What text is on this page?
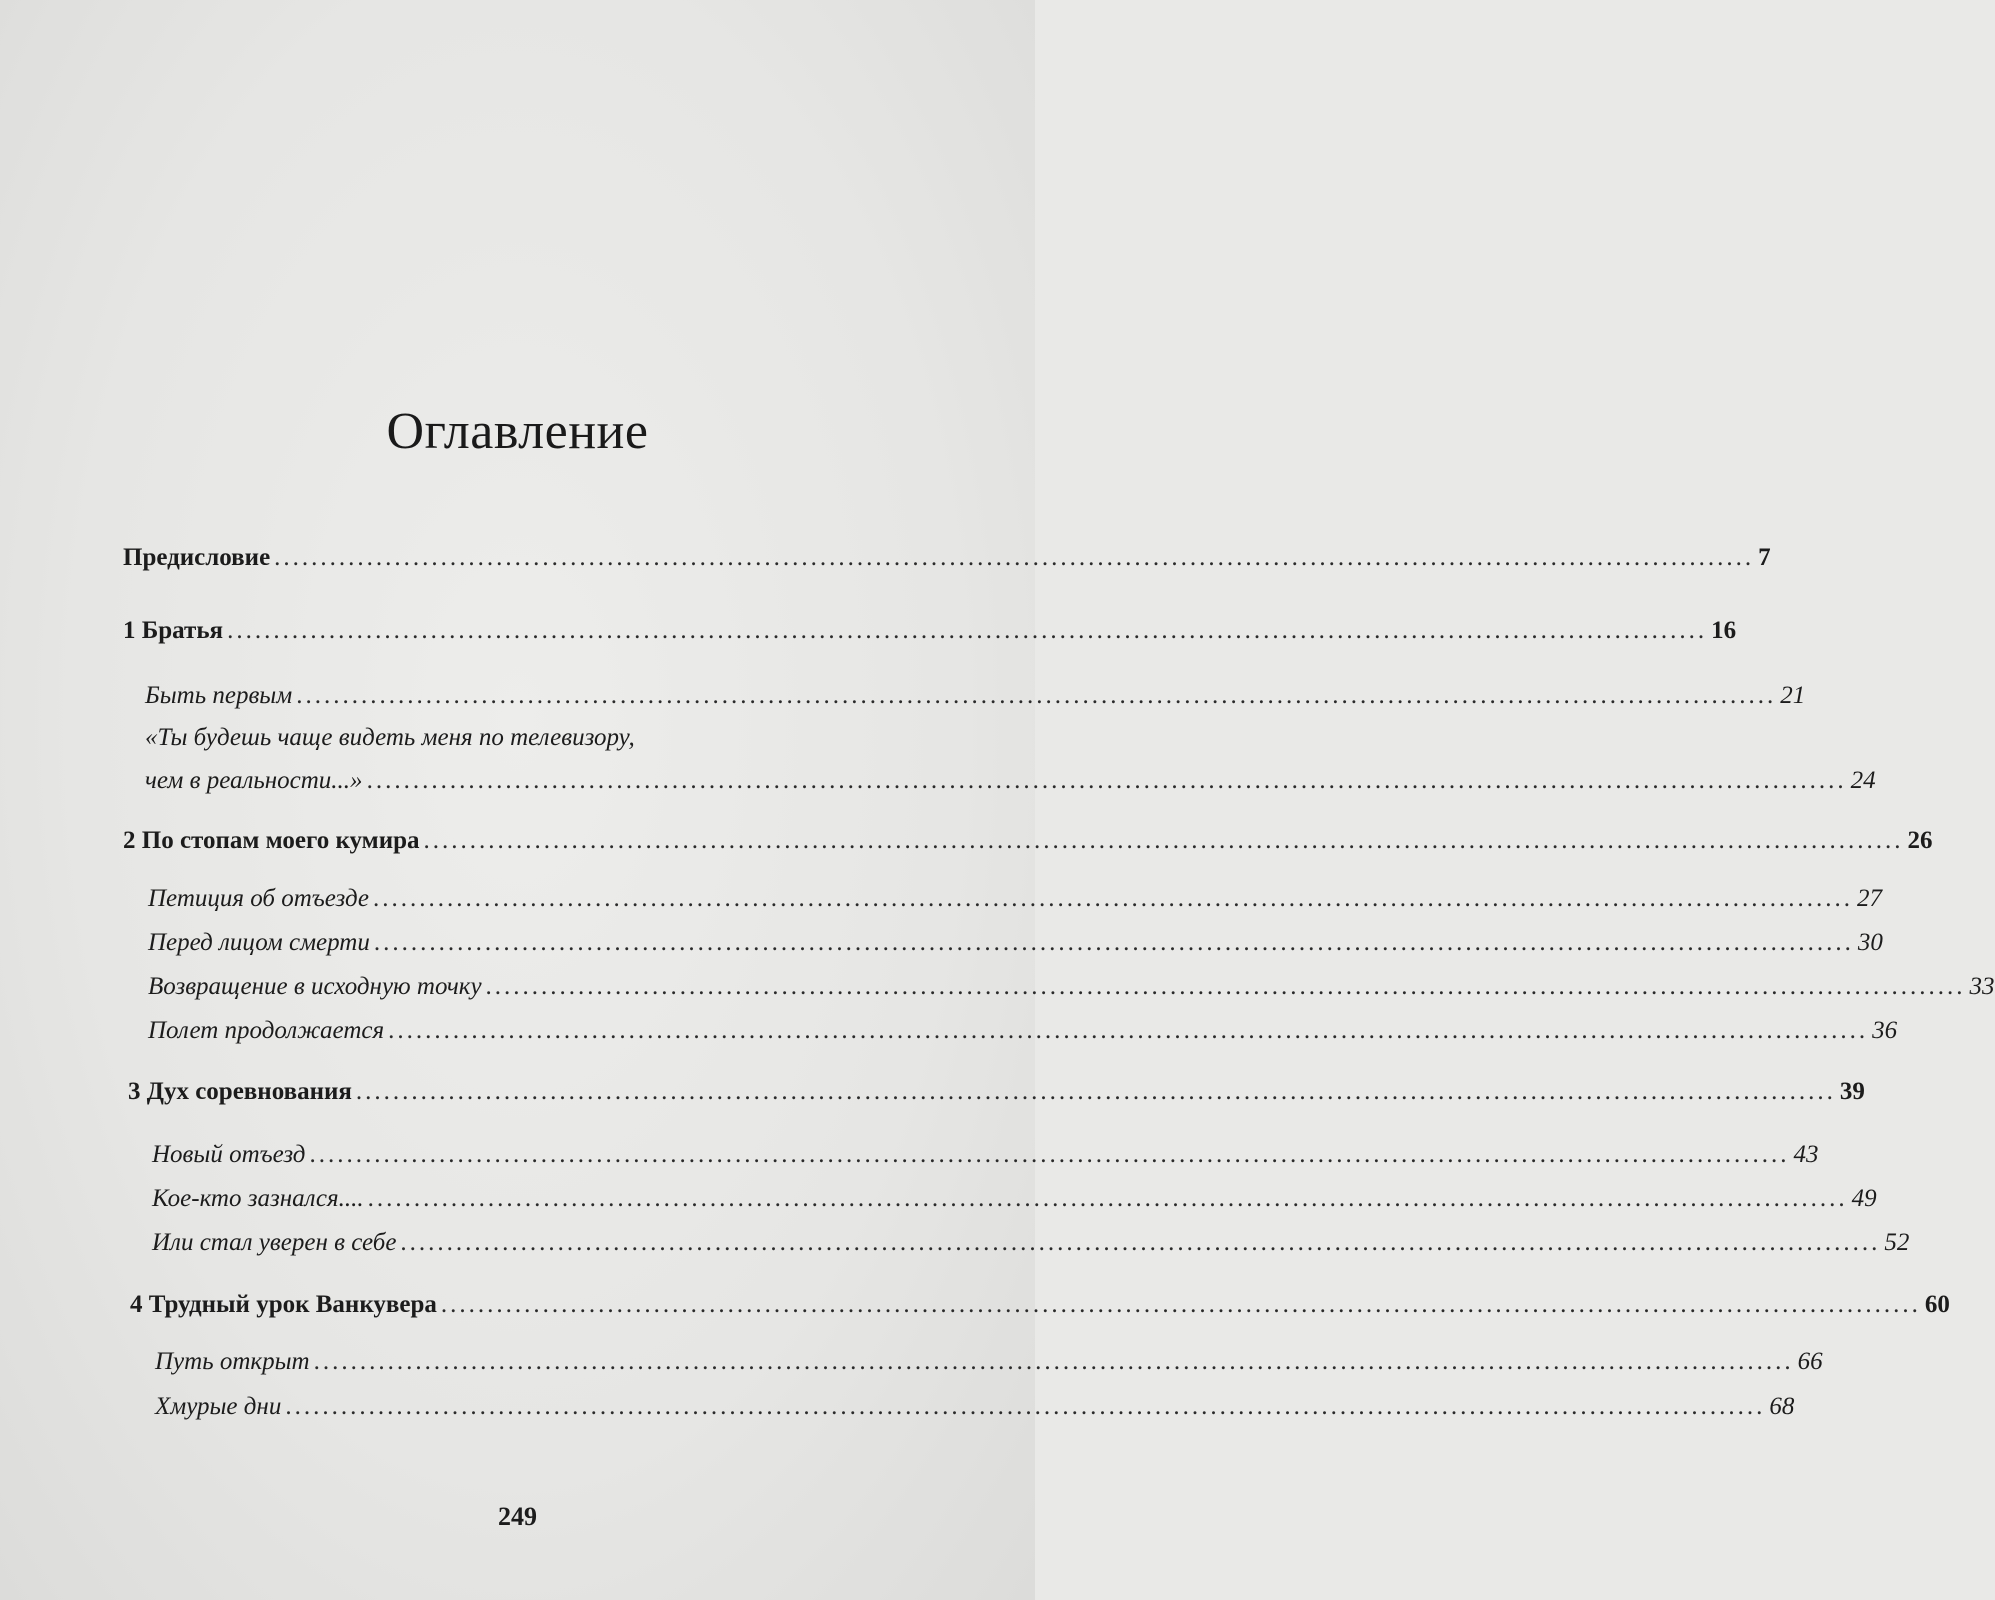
Оглавление
Предисловие ................................................................................................................................................................ 7
1 Братья ................................................................................................................................................................ 16
Быть первым ................................................................................................................................................................ 21
«Ты будешь чаще видеть меня по телевизору,
чем в реальности...» ................................................................................................................................................................ 24
2 По стопам моего кумира ................................................................................................................................................................ 26
Петиция об отъезде ................................................................................................................................................................ 27
Перед лицом смерти ................................................................................................................................................................ 30
Возвращение в исходную точку ................................................................................................................................................................ 33
Полет продолжается ................................................................................................................................................................ 36
3 Дух соревнования ................................................................................................................................................................ 39
Новый отъезд ................................................................................................................................................................ 43
Кое-кто зазнался.... ................................................................................................................................................................ 49
Или стал уверен в себе ................................................................................................................................................................ 52
4 Трудный урок Ванкувера ................................................................................................................................................................ 60
Путь открыт ................................................................................................................................................................ 66
Хмурые дни ................................................................................................................................................................ 68
249
